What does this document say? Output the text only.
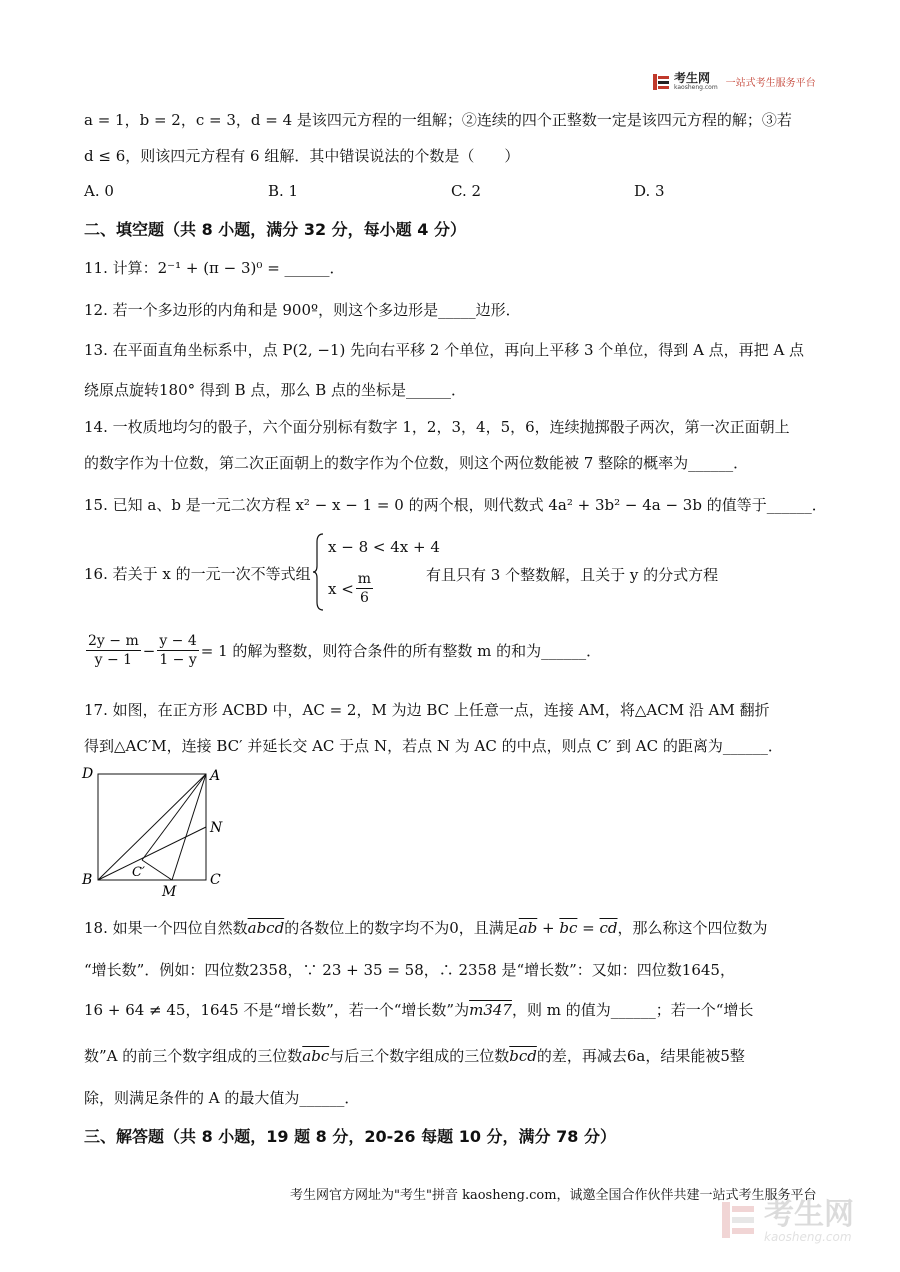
考生网
kaosheng.com 一站式考生服务平台
a = 1，b = 2，c = 3，d = 4 是该四元方程的一组解；②连续的四个正整数一定是该四元方程的解；③若
d ≤ 6，则该四元方程有 6 组解．其中错误说法的个数是（　　）
A. 0	B. 1	C. 2	D. 3
二、填空题（共 8 小题，满分 32 分，每小题 4 分）
11. 计算：2⁻¹ + (π − 3)⁰ = ______．
12. 若一个多边形的内角和是 900º，则这个多边形是_____边形．
13. 在平面直角坐标系中，点 P(2, −1) 先向右平移 2 个单位，再向上平移 3 个单位，得到 A 点，再把 A 点
绕原点旋转180° 得到 B 点，那么 B 点的坐标是______．
14. 一枚质地均匀的骰子，六个面分别标有数字 1，2，3，4，5，6，连续抛掷骰子两次，第一次正面朝上
的数字作为十位数，第二次正面朝上的数字作为个位数，则这个两位数能被 7 整除的概率为______．
15. 已知 a、b 是一元二次方程 x² − x − 1 = 0 的两个根，则代数式 4a² + 3b² − 4a − 3b 的值等于______．
16. 若关于 x 的一元一次不等式组
x − 8 < 4x + 4
$x < \frac{m}{6}$	有且只有 3 个整数解，且关于 y 的分式方程
$\frac{2y - m}{y - 1} - \frac{y - 4}{1 - y} = 1$ 的解为整数，则符合条件的所有整数 m 的和为______．
17. 如图，在正方形 ACBD 中，AC = 2，M 为边 BC 上任意一点，连接 AM，将△ACM 沿 AM 翻折
得到△AC′M，连接 BC′ 并延长交 AC 于点 N，若点 N 为 AC 的中点，则点 C′ 到 AC 的距离为______．
D	A
N
B	C
C′
M
18. 如果一个四位自然数abcd的各数位上的数字均不为0，且满足$\overline{ab} + \overline{bc} = \overline{cd}$，那么称这个四位数为
“增长数”．例如：四位数2358，∵ 23 + 35 = 58，∴ 2358 是“增长数”：又如：四位数1645，
16 + 64 ≠ 45，1645 不是“增长数”，若一个“增长数”为m347，则 m 的值为______；若一个“增长
数”A 的前三个数字组成的三位数$\overline{abc}$与后三个数字组成的三位数$\overline{bcd}$的差，再减去6a，结果能被5整
除，则满足条件的 A 的最大值为______．
三、解答题（共 8 小题，19 题 8 分，20-26 每题 10 分，满分 78 分）
考生网官方网址为"考生"拼音 kaosheng.com，诚邀全国合作伙伴共建一站式考生服务平台
考生网
kaosheng.com
